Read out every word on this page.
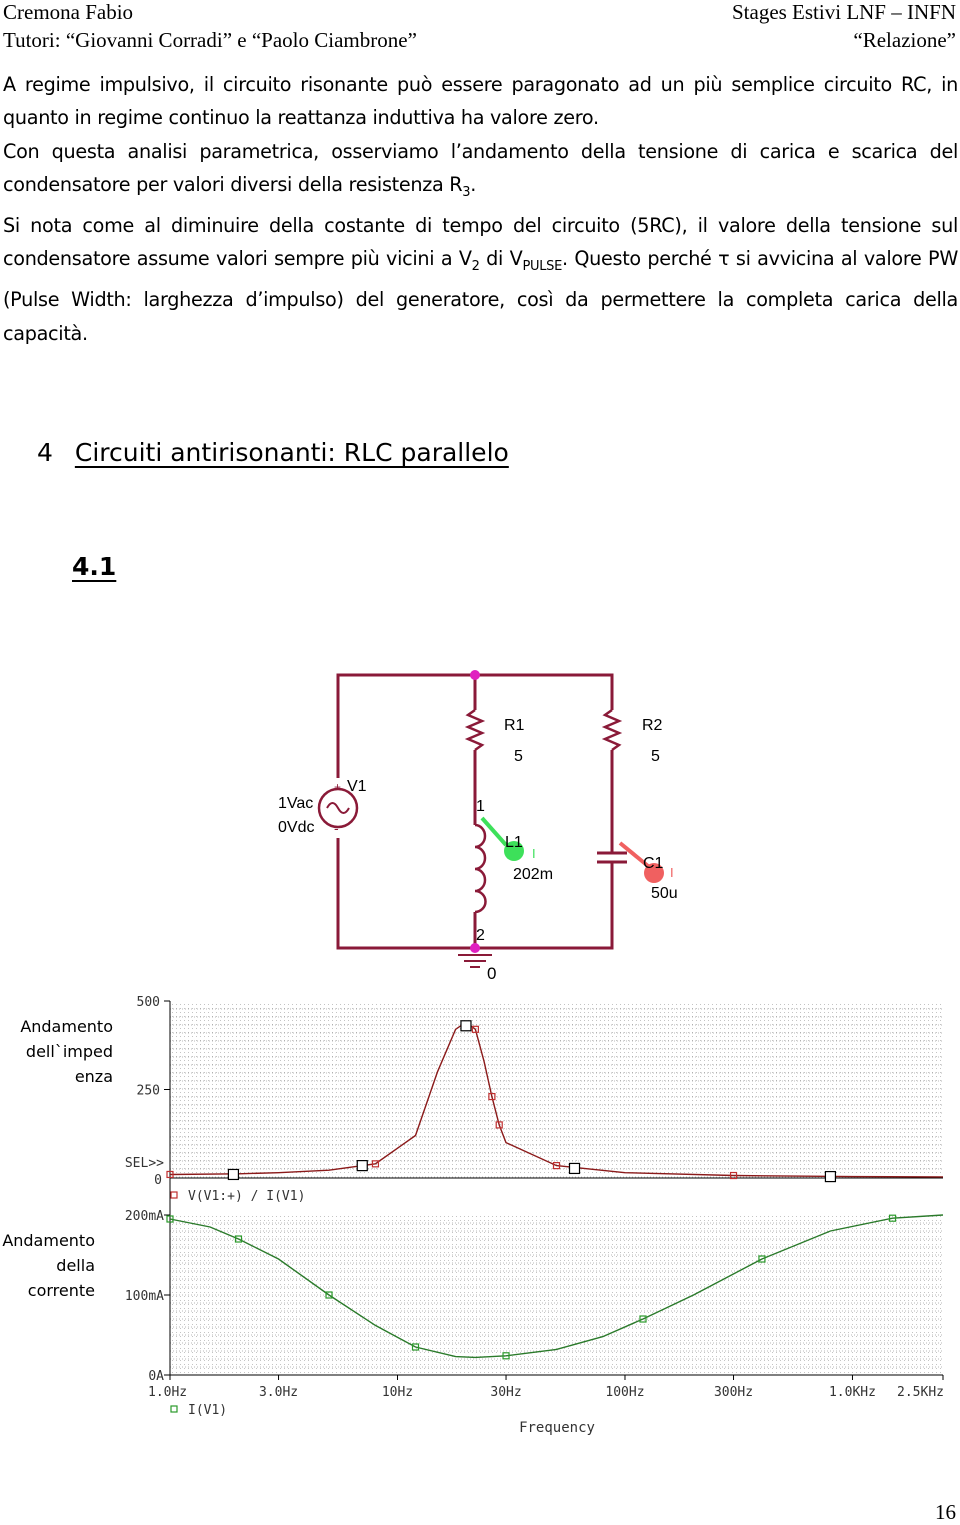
Cremona Fabio
Tutori: “Giovanni Corradi” e “Paolo Ciambrone”
Stages Estivi LNF – INFN
“Relazione”

A regime impulsivo, il circuito risonante può essere paragonato ad un più semplice circuito RC, in quanto in regime continuo la reattanza induttiva ha valore zero.

Con questa analisi parametrica, osserviamo l’andamento della tensione di carica e scarica del condensatore per valori diversi della resistenza $R_3$.

Si nota come al diminuire della costante di tempo del circuito (5RC), il valore della tensione sul condensatore assume valori sempre più vicini a $V_2$ di $V_{PULSE}$. Questo perché τ si avvicina al valore PW (Pulse Width: larghezza d’impulso) del generatore, così da permettere la completa carica della capacità.

4 Circuiti antirisonanti: RLC parallelo
4.1
+
-
1Vac
0Vdc
V1
R1
5
R2
5
1
L1
202m
I
C1
50u
I
2
0
Andamento
dell`imped
enza
Andamento
della
corrente
500
250
SEL>>
0
200mA
100mA
0A
1.0Hz	3.0Hz	10Hz	30Hz	100Hz	300Hz	1.0KHz 2.5KHz
Frequency
V(V1:+) / I(V1)
I(V1)
16
